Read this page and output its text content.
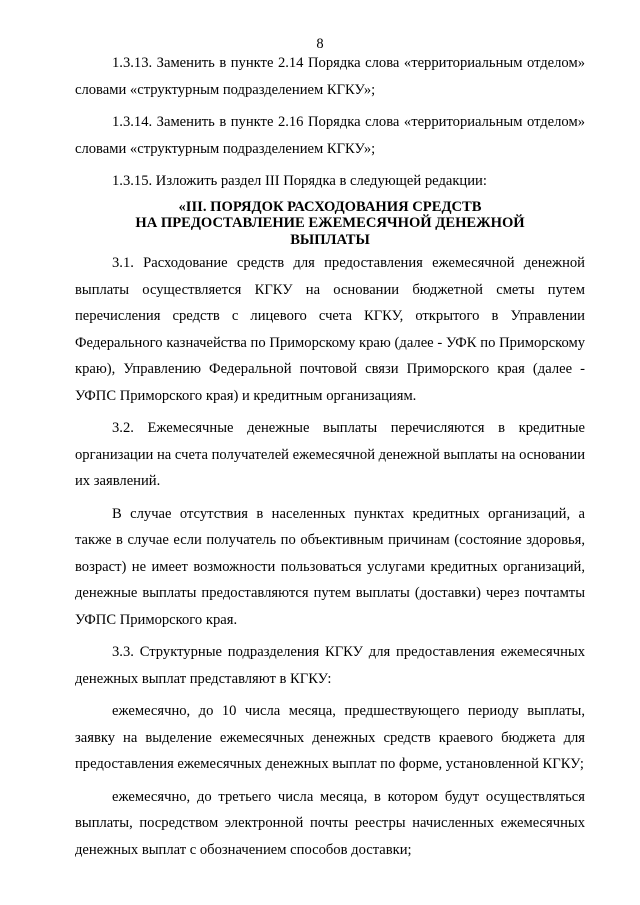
8

1.3.13. Заменить в пункте 2.14 Порядка слова «территориальным отделом» словами «структурным подразделением КГКУ»;

1.3.14. Заменить в пункте 2.16 Порядка слова «территориальным отделом» словами «структурным подразделением КГКУ»;

1.3.15. Изложить раздел III Порядка в следующей редакции:

«III. ПОРЯДОК РАСХОДОВАНИЯ СРЕДСТВ
НА ПРЕДОСТАВЛЕНИЕ ЕЖЕМЕСЯЧНОЙ ДЕНЕЖНОЙ
ВЫПЛАТЫ

3.1. Расходование средств для предоставления ежемесячной денежной выплаты осуществляется КГКУ на основании бюджетной сметы путем перечисления средств с лицевого счета КГКУ, открытого в Управлении Федерального казначейства по Приморскому краю (далее - УФК по Приморскому краю), Управлению Федеральной почтовой связи Приморского края (далее - УФПС Приморского края) и кредитным организациям.

3.2. Ежемесячные денежные выплаты перечисляются в кредитные организации на счета получателей ежемесячной денежной выплаты на основании их заявлений.

В случае отсутствия в населенных пунктах кредитных организаций, а также в случае если получатель по объективным причинам (состояние здоровья, возраст) не имеет возможности пользоваться услугами кредитных организаций, денежные выплаты предоставляются путем выплаты (доставки) через почтамты УФПС Приморского края.

3.3. Структурные подразделения КГКУ для предоставления ежемесячных денежных выплат представляют в КГКУ:

ежемесячно, до 10 числа месяца, предшествующего периоду выплаты, заявку на выделение ежемесячных денежных средств краевого бюджета для предоставления ежемесячных денежных выплат по форме, установленной КГКУ;

ежемесячно, до третьего числа месяца, в котором будут осуществляться выплаты, посредством электронной почты реестры начисленных ежемесячных денежных выплат с обозначением способов доставки;
